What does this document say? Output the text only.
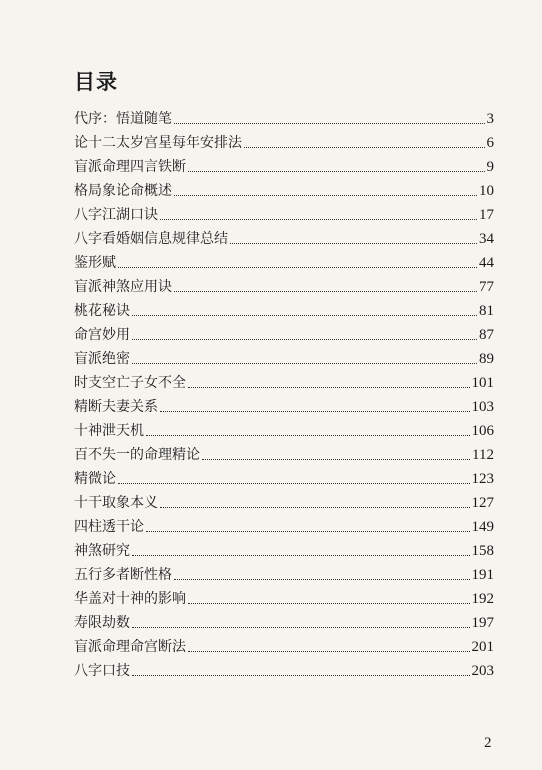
目录
代序：悟道随笔	3
论十二太岁宫星每年安排法	6
盲派命理四言铁断	9
格局象论命概述	10
八字江湖口诀	17
八字看婚姻信息规律总结	34
鉴形赋	44
盲派神煞应用诀	77
桃花秘诀	81
命宫妙用	87
盲派绝密	89
时支空亡子女不全	101
精断夫妻关系	103
十神泄天机	106
百不失一的命理精论	112
精微论	123
十干取象本义	127
四柱透干论	149
神煞研究	158
五行多者断性格	191
华盖对十神的影响	192
寿限劫数	197
盲派命理命宫断法	201
八字口技	203
2
